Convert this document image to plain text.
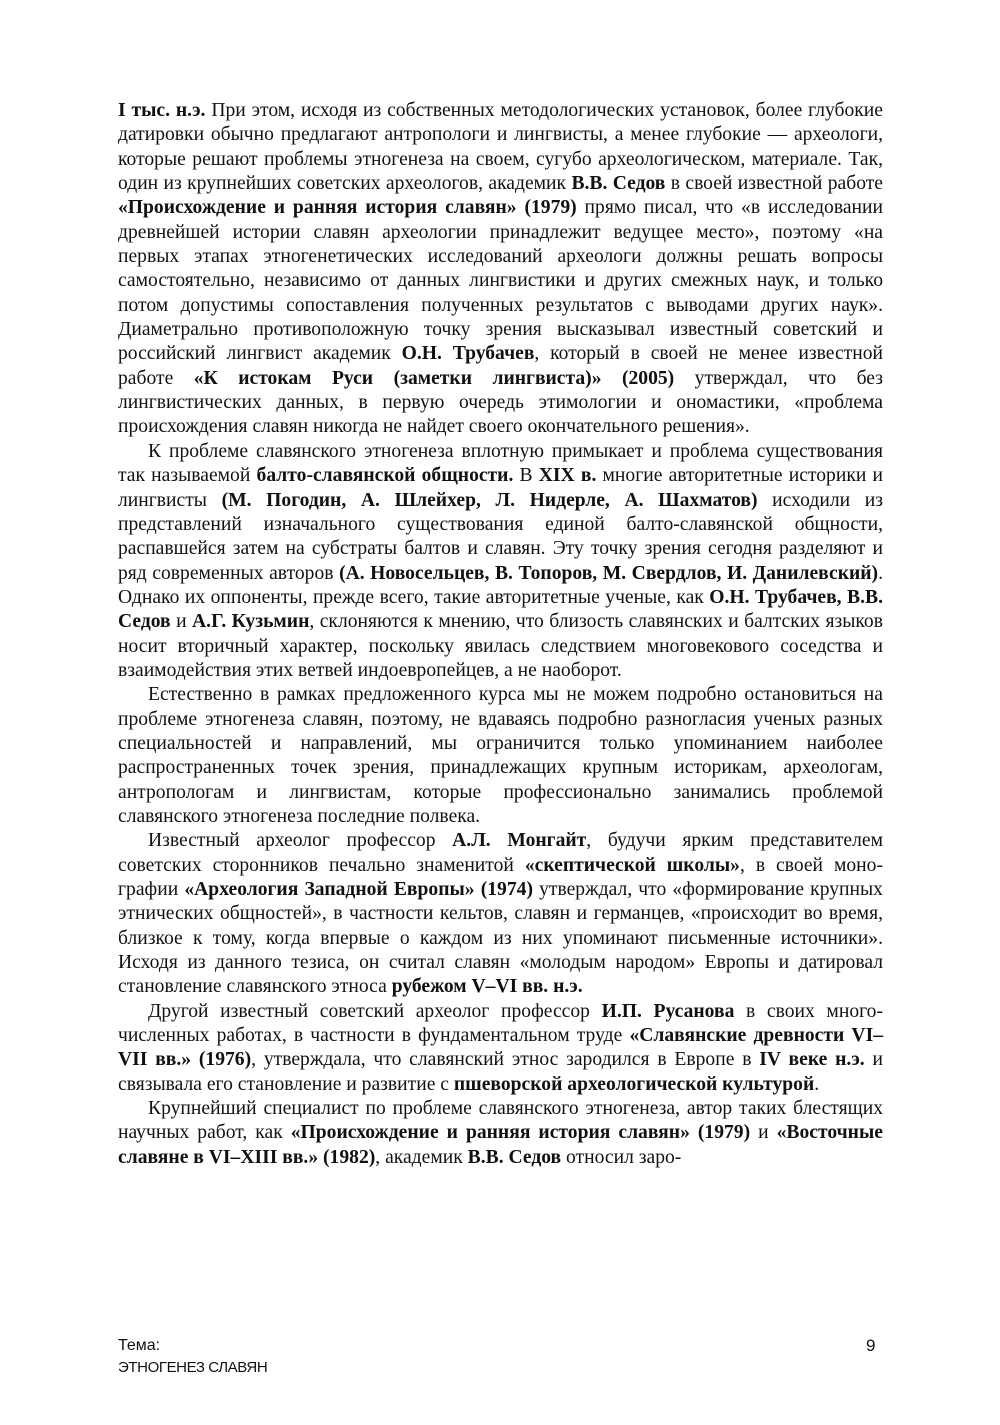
I тыс. н.э. При этом, исходя из собственных методологических установок, более глубокие датировки обычно предлагают антропологи и лингвисты, а менее глубокие — археологи, которые решают проблемы этногенеза на своем, сугубо археологическом, материале. Так, один из крупнейших советских археологов, академик В.В. Седов в своей известной работе «Происхождение и ранняя история славян» (1979) прямо писал, что «в исследовании древнейшей истории славян археологии принадлежит ведущее место», поэтому «на первых этапах этногенетических исследований археологи должны решать вопросы самостоятельно, независимо от данных лингвистики и других смежных наук, и только потом допустимы сопоставления полученных результатов с выводами других наук». Диаметрально противоположную точку зрения высказывал известный советский и российский лингвист академик О.Н. Трубачев, который в своей не менее известной работе «К истокам Руси (заметки лингвиста)» (2005) утверждал, что без лингвистических данных, в первую очередь этимологии и ономастики, «проблема происхождения славян никогда не найдет своего окончательного решения».

К проблеме славянского этногенеза вплотную примыкает и проблема существования так называемой балто-славянской общности. В XIX в. многие авторитетные историки и лингвисты (М. Погодин, А. Шлейхер, Л. Нидерле, А. Шахматов) исходили из представлений изначального существования единой балто-славянской общности, распавшейся затем на субстраты балтов и славян. Эту точку зрения сегодня разделяют и ряд современных авторов (А. Новосельцев, В. Топоров, М. Свердлов, И. Данилевский). Однако их оппоненты, прежде всего, такие авторитетные ученые, как О.Н. Трубачев, В.В. Седов и А.Г. Кузьмин, склоняются к мнению, что близость славянских и балтских языков носит вторичный характер, поскольку явилась следствием многовекового соседства и взаимодействия этих ветвей индоевропейцев, а не наоборот.

Естественно в рамках предложенного курса мы не можем подробно остановиться на проблеме этногенеза славян, поэтому, не вдаваясь подробно разногласия ученых разных специальностей и направлений, мы ограничится только упоминанием наиболее распространенных точек зрения, принадлежащих крупным историкам, археологам, антропологам и лингвистам, которые профессионально занимались проблемой славянского этногенеза последние полвека.

Известный археолог профессор А.Л. Монгайт, будучи ярким представителем советских сторонников печально знаменитой «скептической школы», в своей монографии «Археология Западной Европы» (1974) утверждал, что «формирование крупных этнических общностей», в частности кельтов, славян и германцев, «происходит во время, близкое к тому, когда впервые о каждом из них упоминают письменные источники». Исходя из данного тезиса, он считал славян «молодым народом» Европы и датировал становление славянского этноса рубежом V–VI вв. н.э.

Другой известный советский археолог профессор И.П. Русанова в своих многочисленных работах, в частности в фундаментальном труде «Славянские древности VI–VII вв.» (1976), утверждала, что славянский этнос зародился в Европе в IV веке н.э. и связывала его становление и развитие с пшеворской археологической культурой.

Крупнейший специалист по проблеме славянского этногенеза, автор таких блестящих научных работ, как «Происхождение и ранняя история славян» (1979) и «Восточные славяне в VI–XIII вв.» (1982), академик В.В. Седов относил заро-

Тема:
ЭТНОГЕНЕЗ СЛАВЯН
9
